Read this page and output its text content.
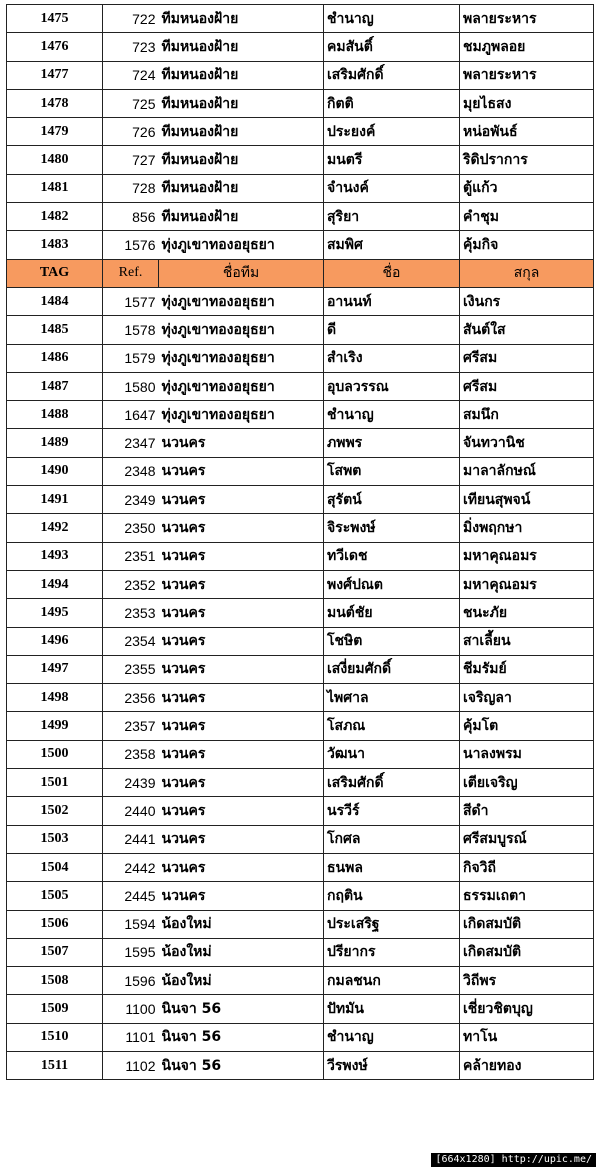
1475	722	ทีมหนองฝ้าย	ชำนาญ	พลายระหาร
1476	723	ทีมหนองฝ้าย	คมสันติ์	ชมภูพลอย
1477	724	ทีมหนองฝ้าย	เสริมศักดิ์	พลายระหาร
1478	725	ทีมหนองฝ้าย	กิตติ	มุยไธสง
1479	726	ทีมหนองฝ้าย	ประยงค์	หน่อพันธ์
1480	727	ทีมหนองฝ้าย	มนตรี	ริดิปราการ
1481	728	ทีมหนองฝ้าย	จำนงค์	ตู้แก้ว
1482	856	ทีมหนองฝ้าย	สุริยา	คำชุม
1483	1576	ทุ่งภูเขาทองอยุธยา	สมพิศ	คุ้มกิจ
TAG	Ref.	ชื่อทีม	ชื่อ	สกุล
1484	1577	ทุ่งภูเขาทองอยุธยา	อานนท์	เงินกร
1485	1578	ทุ่งภูเขาทองอยุธยา	ดี	สันต์ใส
1486	1579	ทุ่งภูเขาทองอยุธยา	สำเริง	ศรีสม
1487	1580	ทุ่งภูเขาทองอยุธยา	อุบลวรรณ	ศรีสม
1488	1647	ทุ่งภูเขาทองอยุธยา	ชำนาญ	สมนึก
1489	2347	นวนคร	ภพพร	จันทวานิช
1490	2348	นวนคร	โสพต	มาลาลักษณ์
1491	2349	นวนคร	สุรัตน์	เทียนสุพจน์
1492	2350	นวนคร	จิระพงษ์	มิ่งพฤกษา
1493	2351	นวนคร	ทวีเดช	มหาคุณอมร
1494	2352	นวนคร	พงศ์ปณต	มหาคุณอมร
1495	2353	นวนคร	มนต์ชัย	ชนะภัย
1496	2354	นวนคร	โชษิต	สาเลี้ยน
1497	2355	นวนคร	เสงี่ยมศักดิ์	ชีมรัมย์
1498	2356	นวนคร	ไพศาล	เจริญลา
1499	2357	นวนคร	โสภณ	คุ้มโต
1500	2358	นวนคร	วัฒนา	นาลงพรม
1501	2439	นวนคร	เสริมศักดิ์	เตียเจริญ
1502	2440	นวนคร	นรวีร์	สีดำ
1503	2441	นวนคร	โกศล	ศรีสมบูรณ์
1504	2442	นวนคร	ธนพล	กิจวิถี
1505	2445	นวนคร	กฤติน	ธรรมเถตา
1506	1594	น้องใหม่	ประเสริฐ	เกิดสมบัติ
1507	1595	น้องใหม่	ปรียากร	เกิดสมบัติ
1508	1596	น้องใหม่	กมลชนก	วิถีพร
1509	1100	นินจา 56	ปัทมัน	เชี่ยวชิตบุญ
1510	1101	นินจา 56	ชำนาญ	ทาโน
1511	1102	นินจา 56	วีรพงษ์	คล้ายทอง
[664x1280] http://upic.me/
